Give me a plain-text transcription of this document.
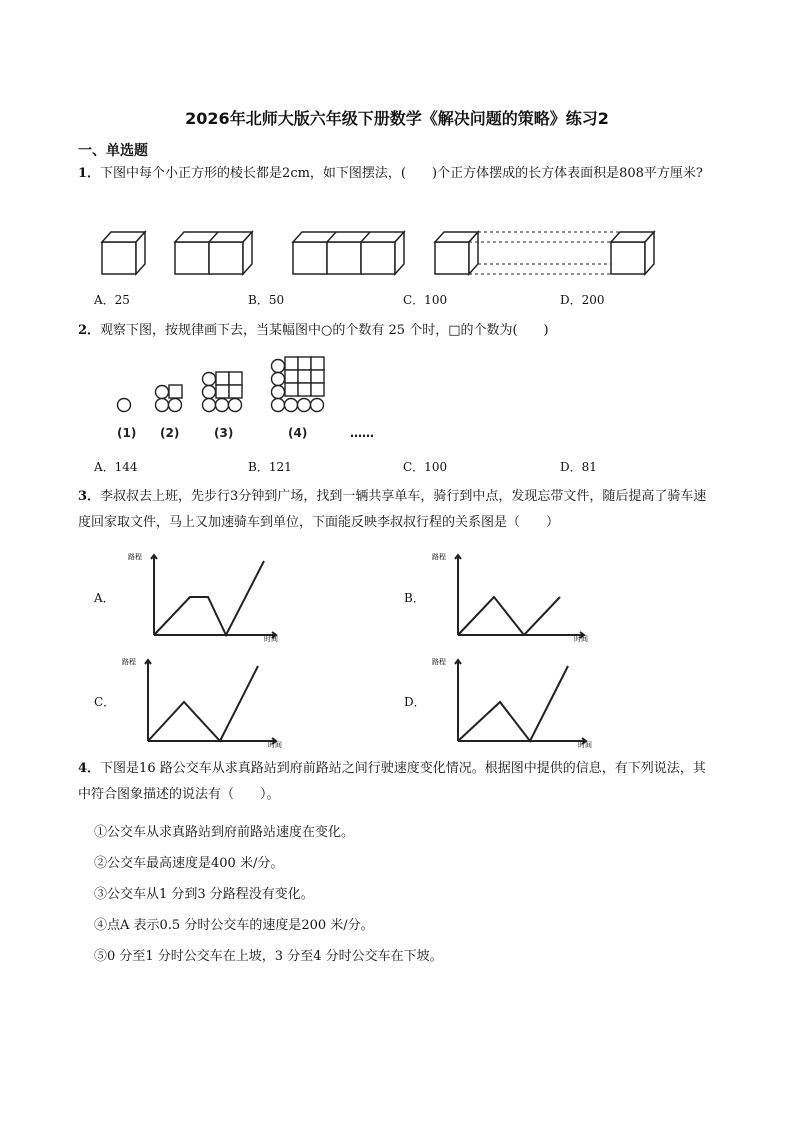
2026年北师大版六年级下册数学《解决问题的策略》练习2
一、单选题
1．下图中每个小正方形的棱长都是2cm，如下图摆法，(　　)个正方体摆成的长方体表面积是808平方厘米?
A．25	B．50	C．100	D．200
2．观察下图，按规律画下去，当某幅图中○的个数有 25 个时，□的个数为(　　)
(1) (2)	(3)	(4)	……
A．144	B．121	C．100	D．81
3．李叔叔去上班，先步行3分钟到广场，找到一辆共享单车，骑行到中点，发现忘带文件，随后提高了骑车速度回家取文件，马上又加速骑车到单位，下面能反映李叔叔行程的关系图是（　　）
A．	B．
C．	D．
路程
时间
路程
时间
路程
时间
路程
时间
4．下图是16 路公交车从求真路站到府前路站之间行驶速度变化情况。根据图中提供的信息，有下列说法，其中符合图象描述的说法有（　　）。
①公交车从求真路站到府前路站速度在变化。
②公交车最高速度是400 米/分。
③公交车从1 分到3 分路程没有变化。
④点A 表示0.5 分时公交车的速度是200 米/分。
⑤0 分至1 分时公交车在上坡，3 分至4 分时公交车在下坡。
